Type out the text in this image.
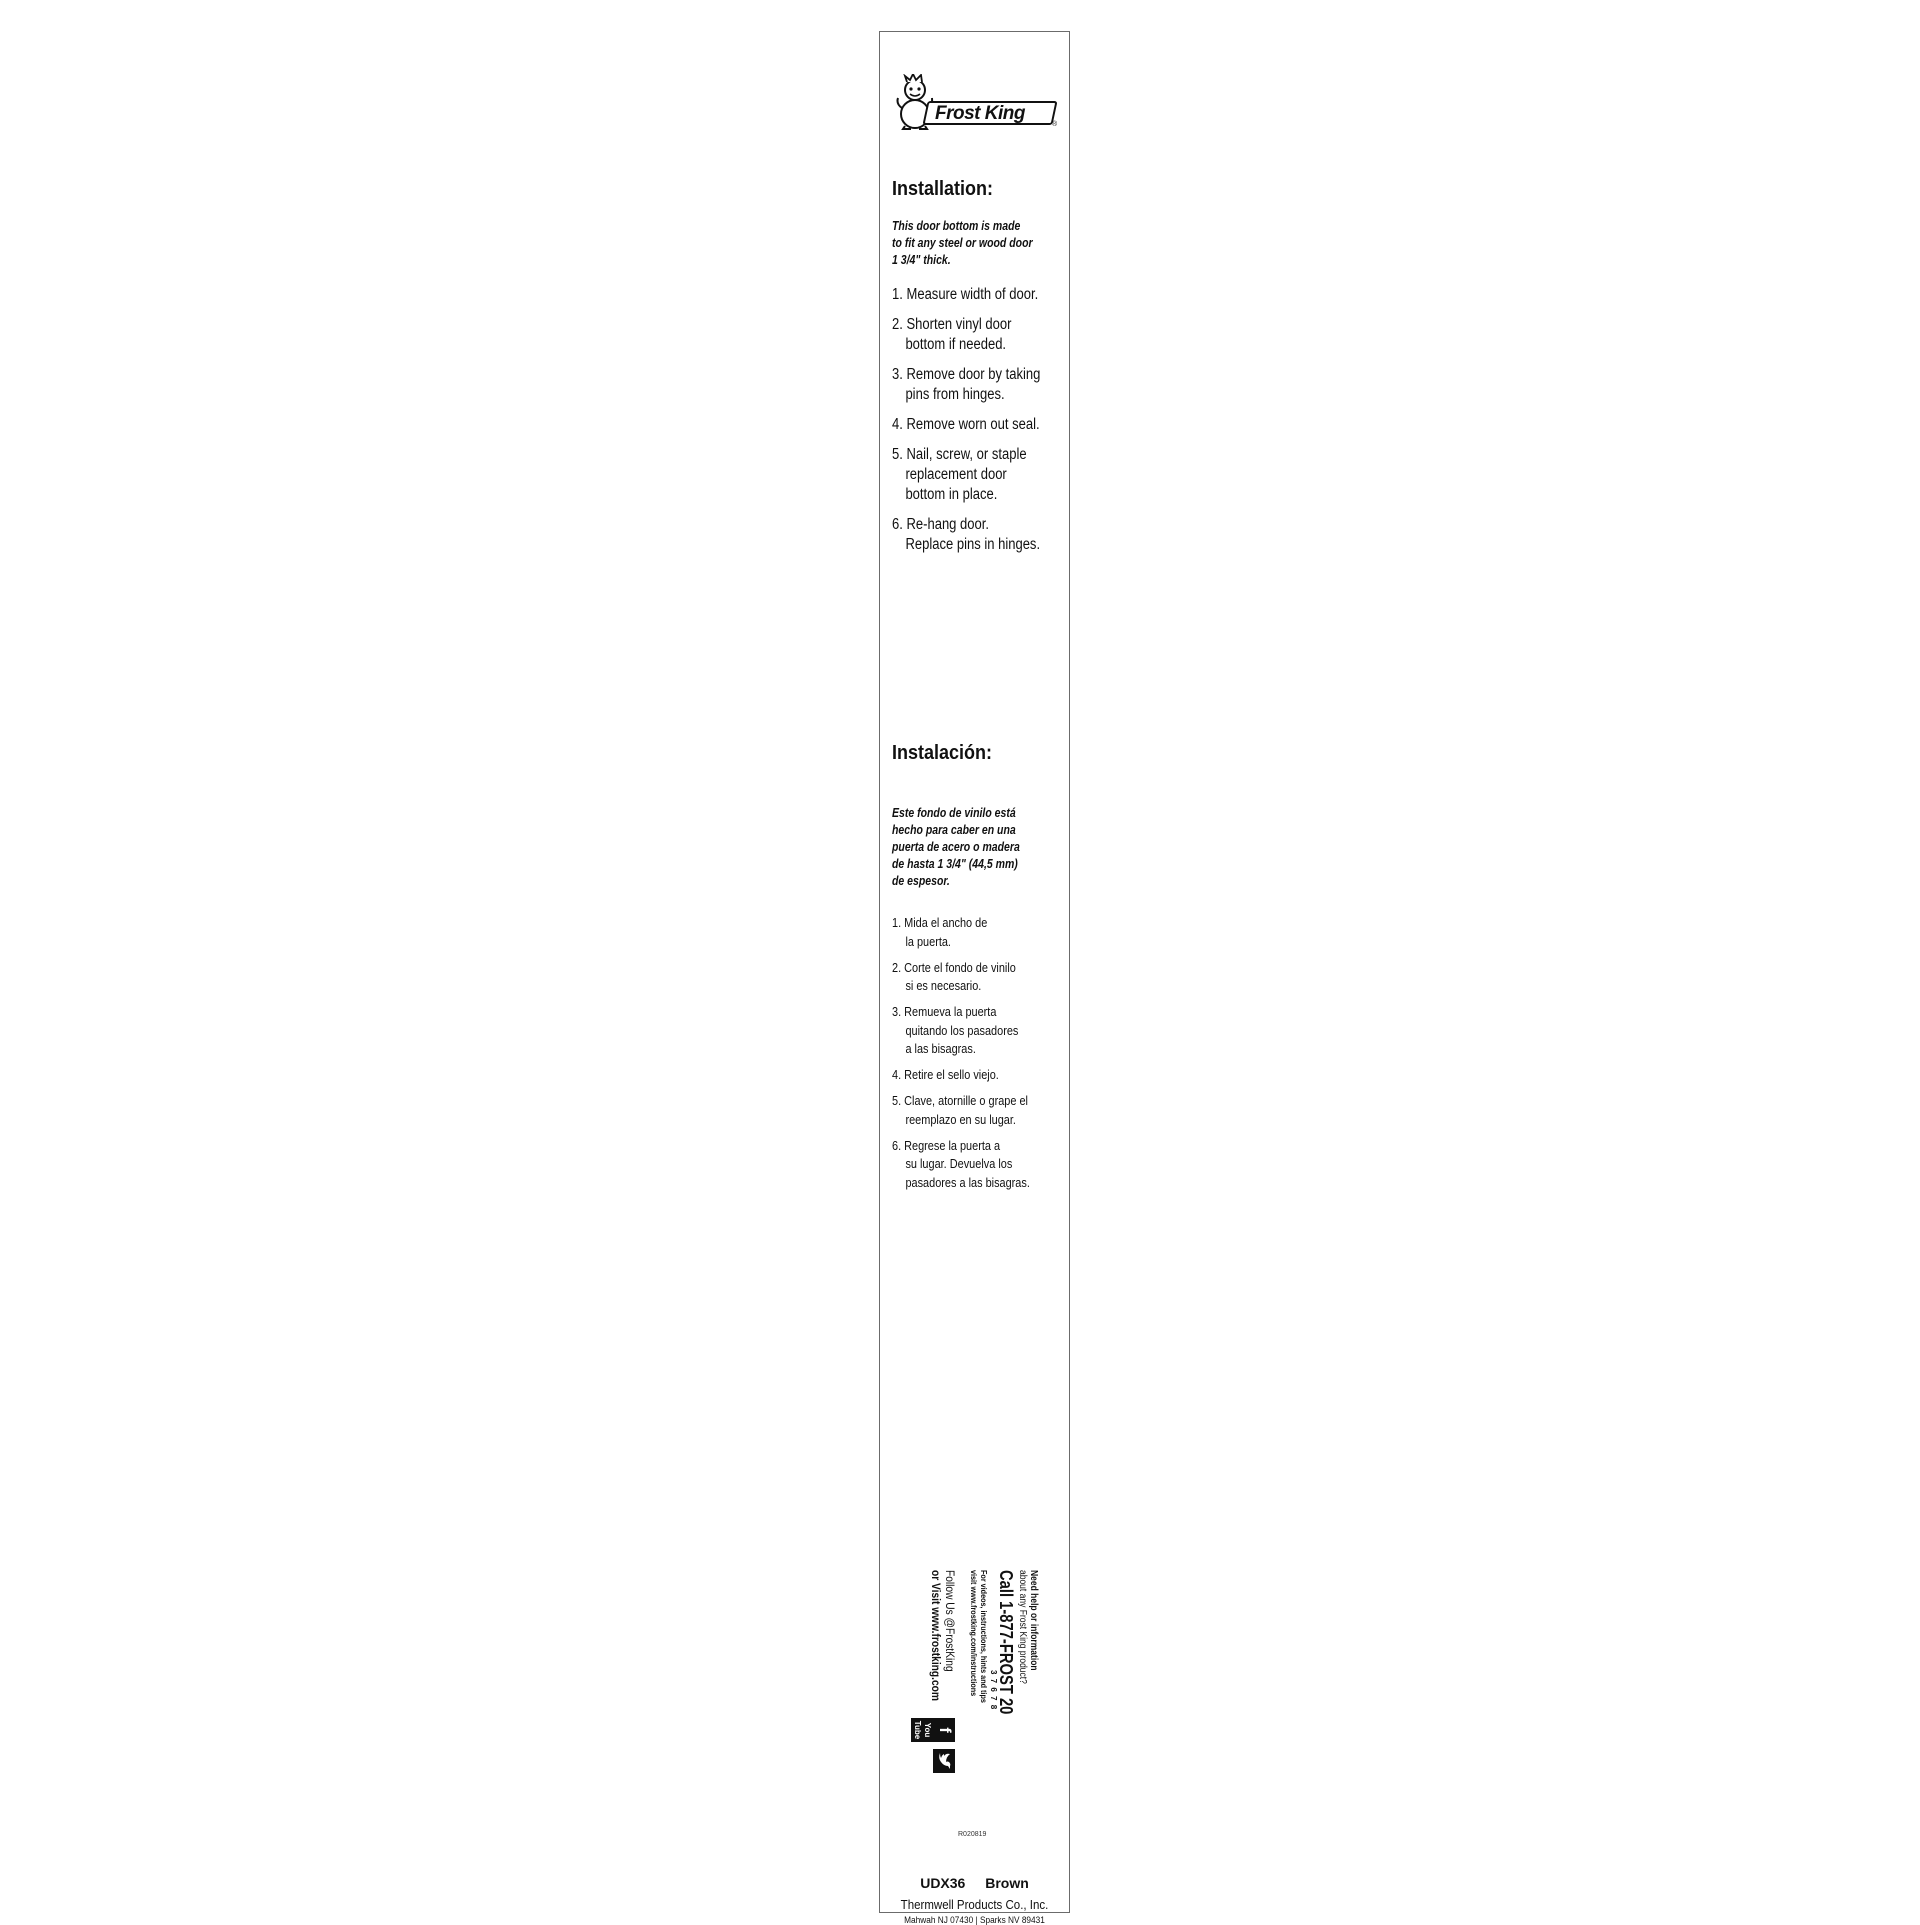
Frost King
®
Installation:
This door bottom is made
to fit any steel or wood door
1 3/4" thick.
1. Measure width of door.
2. Shorten vinyl door
bottom if needed.
3. Remove door by taking
pins from hinges.
4. Remove worn out seal.
5. Nail, screw, or staple
replacement door
bottom in place.
6. Re-hang door.
Replace pins in hinges.
Instalación:
Este fondo de vinilo está
hecho para caber en una
puerta de acero o madera
de hasta 1 3/4" (44,5 mm)
de espesor.
1. Mida el ancho de
la puerta.
2. Corte el fondo de vinilo
si es necesario.
3. Remueva la puerta
quitando los pasadores
a las bisagras.
4. Retire el sello viejo.
5. Clave, atornille o grape el
reemplazo en su lugar.
6. Regrese la puerta a
su lugar. Devuelva los
pasadores a las bisagras.
Need help or information
about any Frost King product?
Call 1-877-FROST 20
3 7 6 7 8
For videos, instructions, hints and tips
visit www.frostking.com/instructions
Follow Us @FrostKing
or Visit www.frostking.com
f  You Tube
R020819
UDX36 Brown
Thermwell Products Co., Inc.
Mahwah NJ 07430 | Sparks NV 89431
